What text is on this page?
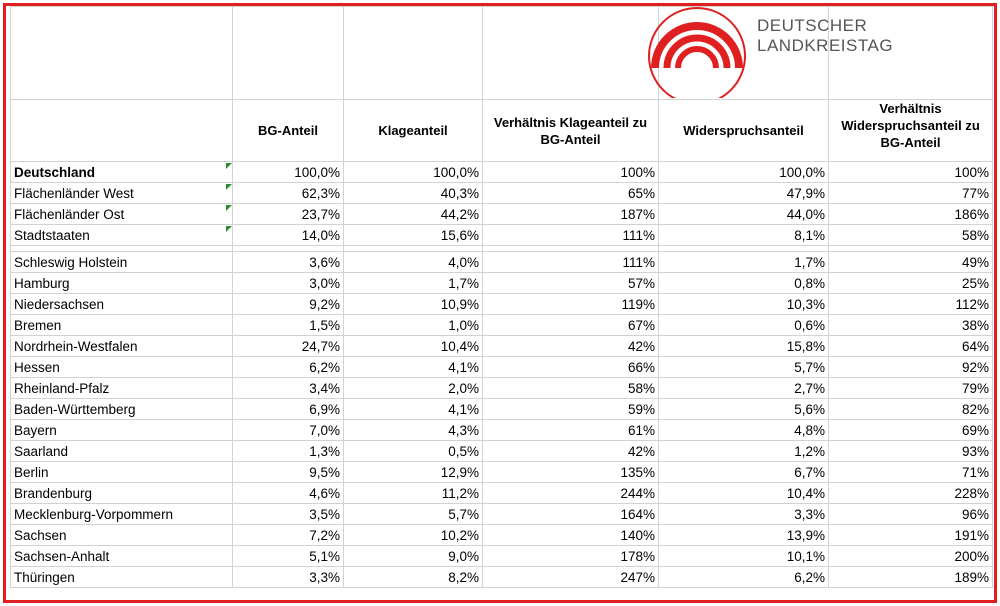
	BG-Anteil	Klageanteil	Verhältnis Klageanteil zu BG-Anteil	Widerspruchsanteil	Verhältnis Widerspruchsanteil zu BG-Anteil
Deutschland	100,0%	100,0%	100%	100,0%	100%
Flächenländer West	62,3%	40,3%	65%	47,9%	77%
Flächenländer Ost	23,7%	44,2%	187%	44,0%	186%
Stadtstaaten	14,0%	15,6%	111%	8,1%	58%

Schleswig Holstein	3,6%	4,0%	111%	1,7%	49%
Hamburg	3,0%	1,7%	57%	0,8%	25%
Niedersachsen	9,2%	10,9%	119%	10,3%	112%
Bremen	1,5%	1,0%	67%	0,6%	38%
Nordrhein-Westfalen	24,7%	10,4%	42%	15,8%	64%
Hessen	6,2%	4,1%	66%	5,7%	92%
Rheinland-Pfalz	3,4%	2,0%	58%	2,7%	79%
Baden-Württemberg	6,9%	4,1%	59%	5,6%	82%
Bayern	7,0%	4,3%	61%	4,8%	69%
Saarland	1,3%	0,5%	42%	1,2%	93%
Berlin	9,5%	12,9%	135%	6,7%	71%
Brandenburg	4,6%	11,2%	244%	10,4%	228%
Mecklenburg-Vorpommern	3,5%	5,7%	164%	3,3%	96%
Sachsen	7,2%	10,2%	140%	13,9%	191%
Sachsen-Anhalt	5,1%	9,0%	178%	10,1%	200%
Thüringen	3,3%	8,2%	247%	6,2%	189%
DEUTSCHER
LANDKREISTAG
